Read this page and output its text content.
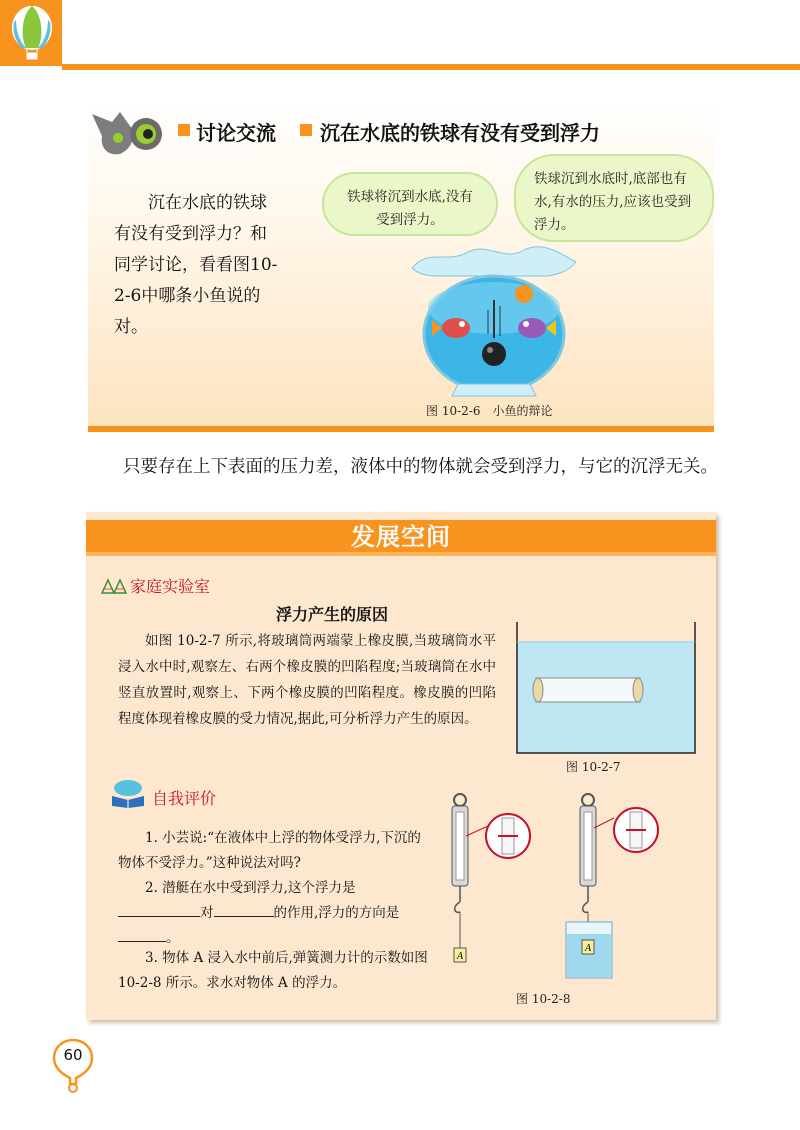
讨论交流 沉在水底的铁球有没有受到浮力
沉在水底的铁球有没有受到浮力？和同学讨论，看看图10-2-6中哪条小鱼说的对。
铁球将沉到水底,没有受到浮力。
铁球沉到水底时,底部也有水,有水的压力,应该也受到浮力。
图 10-2-6　小鱼的辩论
只要存在上下表面的压力差，液体中的物体就会受到浮力，与它的沉浮无关。
发展空间
家庭实验室
浮力产生的原因
如图 10-2-7 所示,将玻璃筒两端蒙上橡皮膜,当玻璃筒水平浸入水中时,观察左、右两个橡皮膜的凹陷程度;当玻璃筒在水中竖直放置时,观察上、下两个橡皮膜的凹陷程度。橡皮膜的凹陷程度体现着橡皮膜的受力情况,据此,可分析浮力产生的原因。
图 10-2-7
自我评价
1. 小芸说:“在液体中上浮的物体受浮力,下沉的物体不受浮力。”这种说法对吗?
2. 潜艇在水中受到浮力,这个浮力是
对	的作用,浮力的方向是
。
3. 物体 A 浸入水中前后,弹簧测力计的示数如图 10-2-8 所示。求水对物体 A 的浮力。
A
A
图 10-2-8
60
